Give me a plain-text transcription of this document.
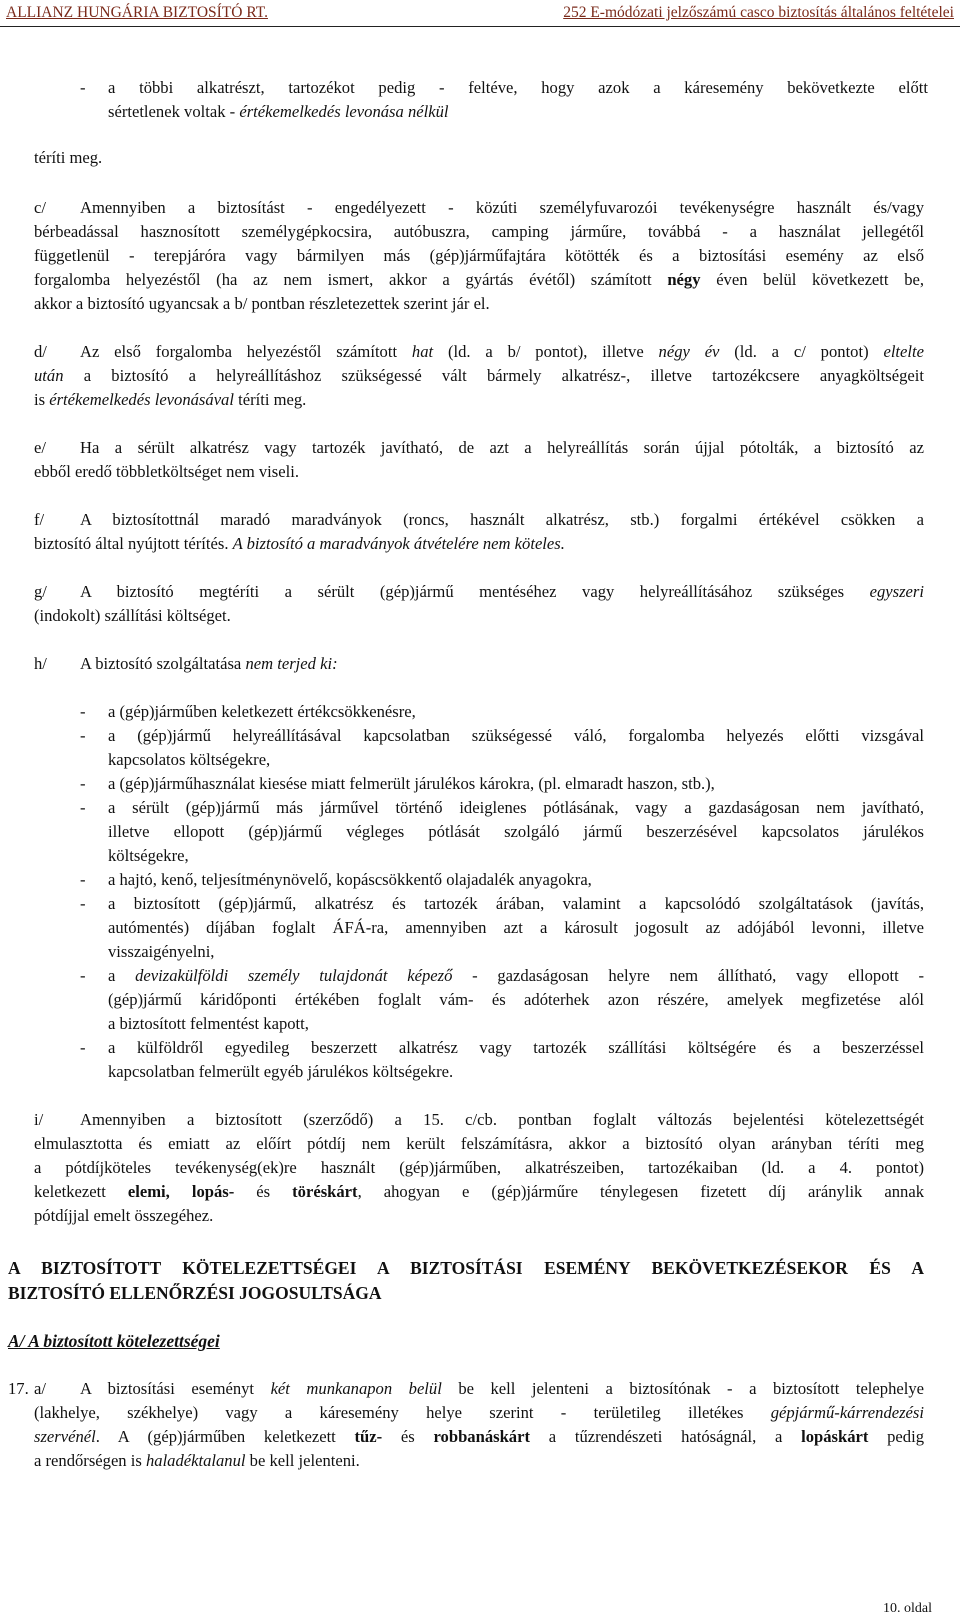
ALLIANZ HUNGÁRIA BIZTOSÍTÓ RT.	252 E-módózati jelzőszámú casco biztosítás általános feltételei
- a többi alkatrészt, tartozékot pedig - feltéve, hogy azok a káresemény bekövetkezte előtt
sértetlenek voltak - értékemelkedés levonása nélkül
téríti meg.
c/ Amennyiben a biztosítást - engedélyezett - közúti személyfuvarozói tevékenységre használt és/vagy
bérbeadással hasznosított személygépkocsira, autóbuszra, camping járműre, továbbá - a használat jellegétől
függetlenül - terepjáróra vagy bármilyen más (gép)járműfajtára kötötték és a biztosítási esemény az első
forgalomba helyezéstől (ha az nem ismert, akkor a gyártás évétől) számított négy éven belül következett be,
akkor a biztosító ugyancsak a b/ pontban részletezettek szerint jár el.
d/ Az első forgalomba helyezéstől számított hat (ld. a b/ pontot), illetve négy év (ld. a c/ pontot) eltelte
után a biztosító a helyreállításhoz szükségessé vált bármely alkatrész-, illetve tartozékcsere anyagköltségeit
is értékemelkedés levonásával téríti meg.
e/ Ha a sérült alkatrész vagy tartozék javítható, de azt a helyreállítás során újjal pótolták, a biztosító az
ebből eredő többletköltséget nem viseli.
f/ A biztosítottnál maradó maradványok (roncs, használt alkatrész, stb.) forgalmi értékével csökken a
biztosító által nyújtott térítés. A biztosító a maradványok átvételére nem köteles.
g/ A biztosító megtéríti a sérült (gép)jármű mentéséhez vagy helyreállításához szükséges egyszeri
(indokolt) szállítási költséget.
h/ A biztosító szolgáltatása nem terjed ki:
- a (gép)járműben keletkezett értékcsökkenésre,
- a (gép)jármű helyreállításával kapcsolatban szükségessé váló, forgalomba helyezés előtti vizsgával
kapcsolatos költségekre,
- a (gép)járműhasználat kiesése miatt felmerült járulékos károkra, (pl. elmaradt haszon, stb.),
- a sérült (gép)jármű más járművel történő ideiglenes pótlásának, vagy a gazdaságosan nem javítható,
illetve ellopott (gép)jármű végleges pótlását szolgáló jármű beszerzésével kapcsolatos járulékos
költségekre,
- a hajtó, kenő, teljesítménynövelő, kopáscsökkentő olajadalék anyagokra,
- a biztosított (gép)jármű, alkatrész és tartozék árában, valamint a kapcsolódó szolgáltatások (javítás,
autómentés) díjában foglalt ÁFÁ-ra, amennyiben azt a károsult jogosult az adójából levonni, illetve
visszaigényelni,
- a devizakülföldi személy tulajdonát képező - gazdaságosan helyre nem állítható, vagy ellopott -
(gép)jármű káridőponti értékében foglalt vám- és adóterhek azon részére, amelyek megfizetése alól
a biztosított felmentést kapott,
- a külföldről egyedileg beszerzett alkatrész vagy tartozék szállítási költségére és a beszerzéssel
kapcsolatban felmerült egyéb járulékos költségekre.
i/ Amennyiben a biztosított (szerződő) a 15. c/cb. pontban foglalt változás bejelentési kötelezettségét
elmulasztotta és emiatt az előírt pótdíj nem került felszámításra, akkor a biztosító olyan arányban téríti meg
a pótdíjköteles tevékenység(ek)re használt (gép)járműben, alkatrészeiben, tartozékaiban (ld. a 4. pontot)
keletkezett elemi, lopás- és töréskárt, ahogyan e (gép)járműre ténylegesen fizetett díj aránylik annak
pótdíjjal emelt összegéhez.
A BIZTOSÍTOTT KÖTELEZETTSÉGEI A BIZTOSÍTÁSI ESEMÉNY BEKÖVETKEZÉSEKOR ÉS A
BIZTOSÍTÓ ELLENŐRZÉSI JOGOSULTSÁGA
A/ A biztosított kötelezettségei
17. a/ A biztosítási eseményt két munkanapon belül be kell jelenteni a biztosítónak - a biztosított telephelye
(lakhelye, székhelye) vagy a káresemény helye szerint - területileg illetékes gépjármű-kárrendezési
szervénél. A (gép)járműben keletkezett tűz- és robbanáskárt a tűzrendészeti hatóságnál, a lopáskárt pedig
a rendőrségen is haladéktalanul be kell jelenteni.
10. oldal
